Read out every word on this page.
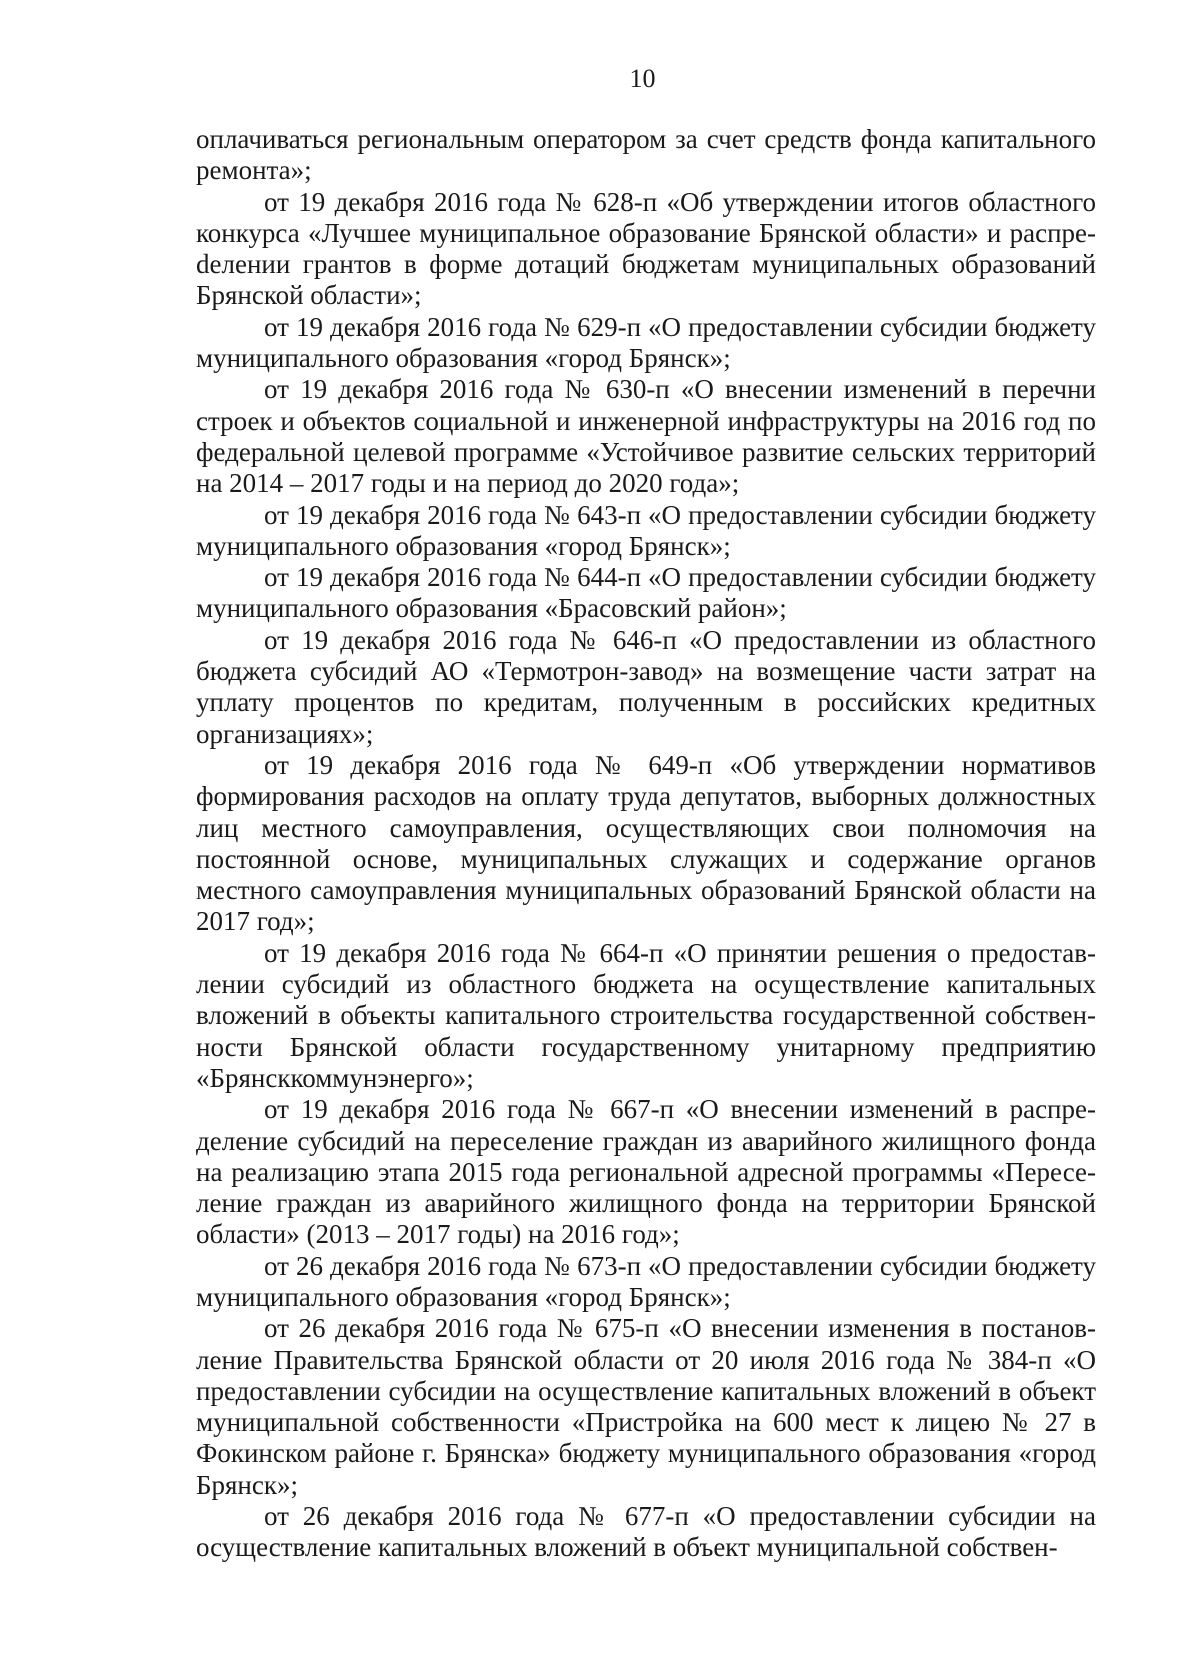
10

оплачиваться региональным оператором за счет средств фонда капитального ремонта»;

от 19 декабря 2016 года № 628-п «Об утверждении итогов областного конкурса «Лучшее муниципальное образование Брянской области» и распреdелении грантов в форме дотаций бюджетам муниципальных образований Брянской области»;

от 19 декабря 2016 года № 629-п «О предоставлении субсидии бюджету муниципального образования «город Брянск»;

от 19 декабря 2016 года № 630-п «О внесении изменений в перечни строек и объектов социальной и инженерной инфраструктуры на 2016 год по федеральной целевой программе «Устойчивое развитие сельских территорий на 2014 – 2017 годы и на период до 2020 года»;

от 19 декабря 2016 года № 643-п «О предоставлении субсидии бюджету муниципального образования «город Брянск»;

от 19 декабря 2016 года № 644-п «О предоставлении субсидии бюджету муниципального образования «Брасовский район»;

от 19 декабря 2016 года № 646-п «О предоставлении из областного бюджета субсидий АО «Термотрон-завод» на возмещение части затрат на уплату процентов по кредитам, полученным в российских кредитных организациях»;

от 19 декабря 2016 года № 649-п «Об утверждении нормативов формирования расходов на оплату труда депутатов, выборных должностных лиц местного самоуправления, осуществляющих свои полномочия на постоянной основе, муниципальных служащих и содержание органов местного самоуправления муниципальных образований Брянской области на 2017 год»;

от 19 декабря 2016 года № 664-п «О принятии решения о предоставлении субсидий из областного бюджета на осуществление капитальных вложений в объекты капитального строительства государственной собственности Брянской области государственному унитарному предприятию «Брянсккоммунэнерго»;

от 19 декабря 2016 года № 667-п «О внесении изменений в распределение субсидий на переселение граждан из аварийного жилищного фонда на реализацию этапа 2015 года региональной адресной программы «Переселение граждан из аварийного жилищного фонда на территории Брянской области» (2013 – 2017 годы) на 2016 год»;

от 26 декабря 2016 года № 673-п «О предоставлении субсидии бюджету муниципального образования «город Брянск»;

от 26 декабря 2016 года № 675-п «О внесении изменения в постановление Правительства Брянской области от 20 июля 2016 года № 384-п «О предоставлении субсидии на осуществление капитальных вложений в объект муниципальной собственности «Пристройка на 600 мест к лицею № 27 в Фокинском районе г. Брянска» бюджету муниципального образования «город Брянск»;

от 26 декабря 2016 года № 677-п «О предоставлении субсидии на осуществление капитальных вложений в объект муниципальной собствен-
